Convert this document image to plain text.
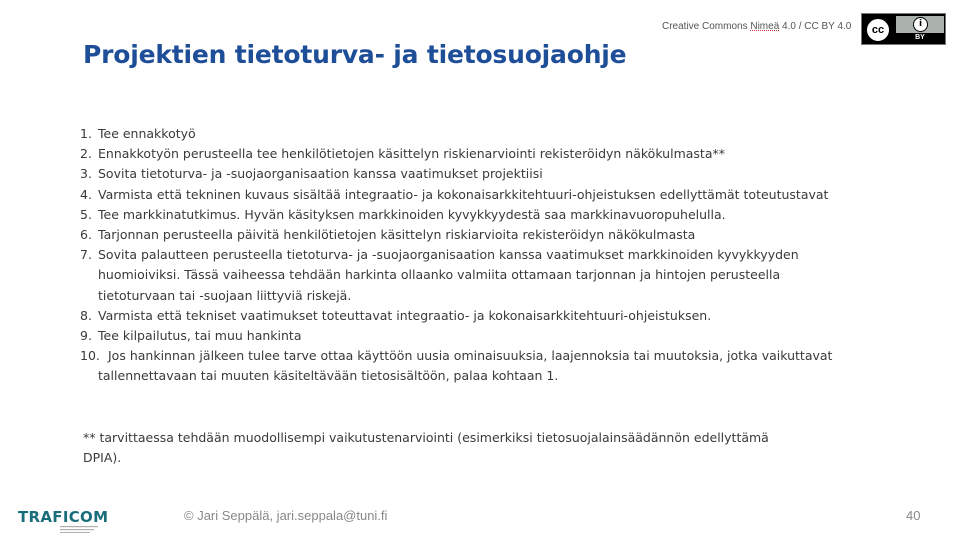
Creative Commons Nimeä 4.0 / CC BY 4.0	cc	i
BY
Projektien tietoturva- ja tietosuojaohje
1. Tee ennakkotyö
2. Ennakkotyön perusteella tee henkilötietojen käsittelyn riskienarviointi rekisteröidyn näkökulmasta**
3. Sovita tietoturva- ja -suojaorganisaation kanssa vaatimukset projektiisi
4. Varmista että tekninen kuvaus sisältää integraatio- ja kokonaisarkkitehtuuri-ohjeistuksen edellyttämät toteutustavat
5. Tee markkinatutkimus. Hyvän käsityksen markkinoiden kyvykkyydestä saa markkinavuoropuhelulla.
6. Tarjonnan perusteella päivitä henkilötietojen käsittelyn riskiarvioita rekisteröidyn näkökulmasta
7. Sovita palautteen perusteella tietoturva- ja -suojaorganisaation kanssa vaatimukset markkinoiden kyvykkyyden huomioiviksi. Tässä vaiheessa tehdään harkinta ollaanko valmiita ottamaan tarjonnan ja hintojen perusteella tietoturvaan tai -suojaan liittyviä riskejä.
8. Varmista että tekniset vaatimukset toteuttavat integraatio- ja kokonaisarkkitehtuuri-ohjeistuksen.
9. Tee kilpailutus, tai muu hankinta
10. Jos hankinnan jälkeen tulee tarve ottaa käyttöön uusia ominaisuuksia, laajennoksia tai muutoksia, jotka vaikuttavat tallennettavaan tai muuten käsiteltävään tietosisältöön, palaa kohtaan 1.

** tarvittaessa tehdään muodollisempi vaikutustenarviointi (esimerkiksi tietosuojalainsäädännön edellyttämä DPIA).

TRAFICOM	© Jari Seppälä, jari.seppala@tuni.fi	40
